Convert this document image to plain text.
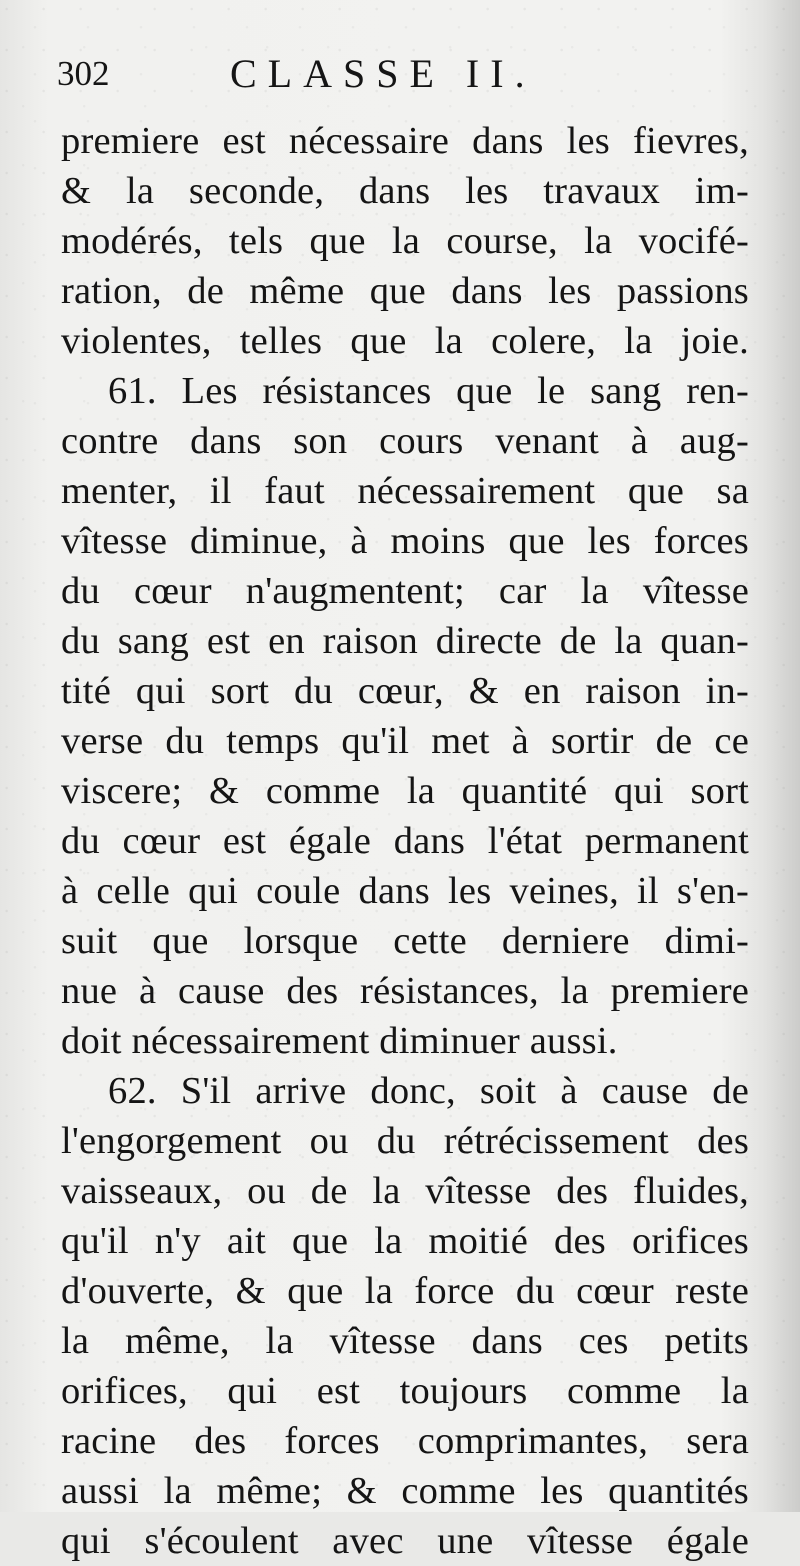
302	CLASSE II.
premiere est nécessaire dans les fievres,
& la seconde, dans les travaux im-
modérés, tels que la course, la vocifé-
ration, de même que dans les passions
violentes, telles que la colere, la joie.
61. Les résistances que le sang ren-
contre dans son cours venant à aug-
menter, il faut nécessairement que sa
vîtesse diminue, à moins que les forces
du cœur n'augmentent; car la vîtesse
du sang est en raison directe de la quan-
tité qui sort du cœur, & en raison in-
verse du temps qu'il met à sortir de ce
viscere; & comme la quantité qui sort
du cœur est égale dans l'état permanent
à celle qui coule dans les veines, il s'en-
suit que lorsque cette derniere dimi-
nue à cause des résistances, la premiere
doit nécessairement diminuer aussi.
62. S'il arrive donc, soit à cause de
l'engorgement ou du rétrécissement des
vaisseaux, ou de la vîtesse des fluides,
qu'il n'y ait que la moitié des orifices
d'ouverte, & que la force du cœur reste
la même, la vîtesse dans ces petits
orifices, qui est toujours comme la
racine des forces comprimantes, sera
aussi la même; & comme les quantités
qui s'écoulent avec une vîtesse égale
